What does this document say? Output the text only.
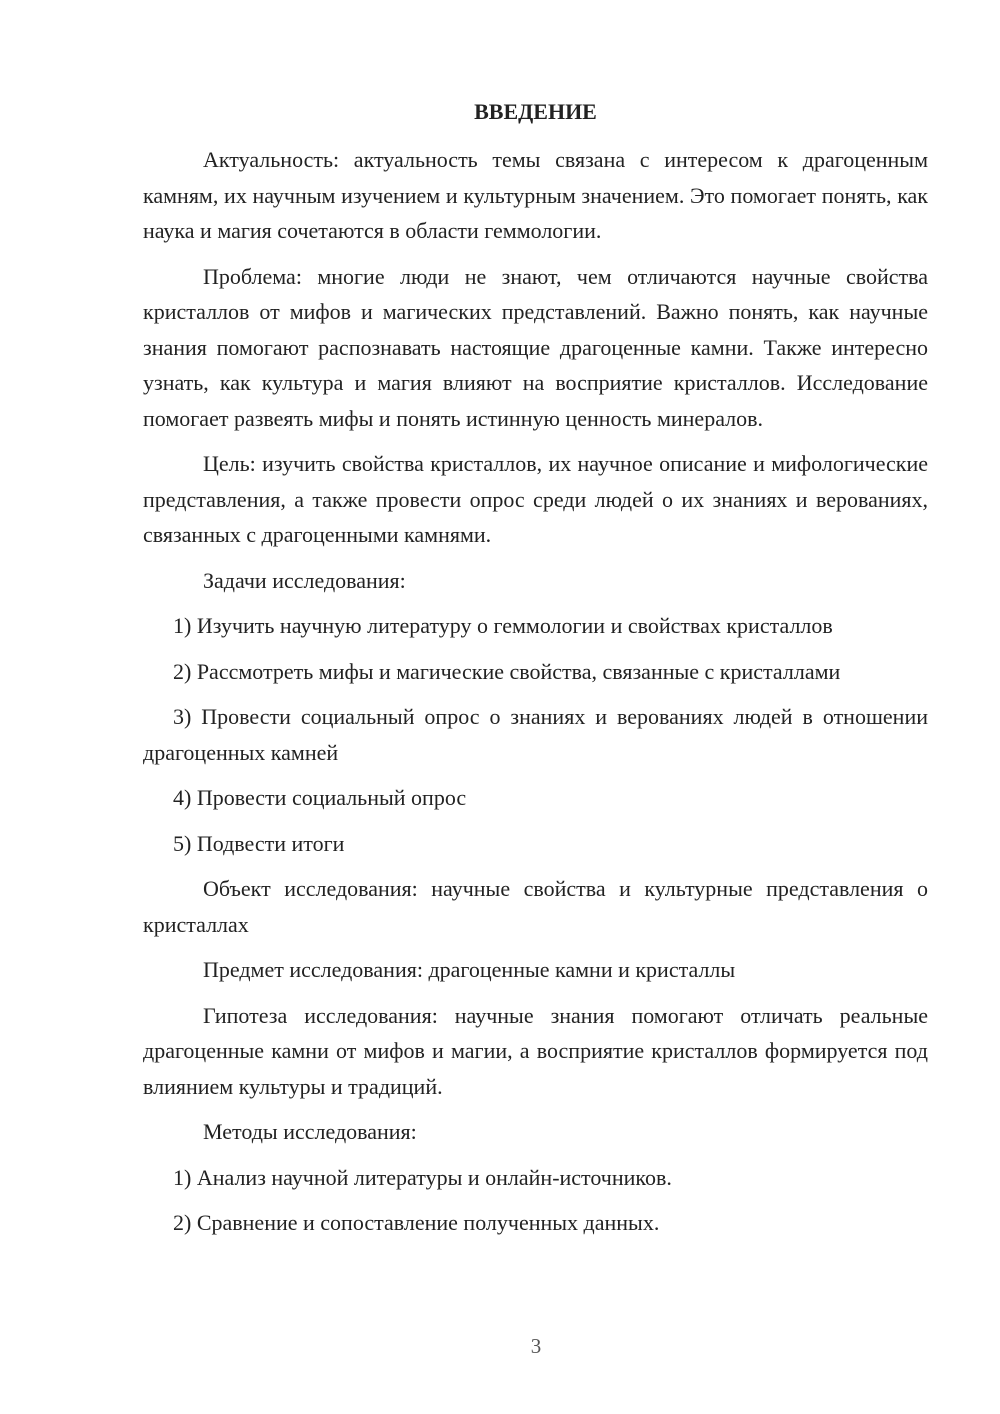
ВВЕДЕНИЕ

Актуальность: актуальность темы связана с интересом к драгоценным камням, их научным изучением и культурным значением. Это помогает понять, как наука и магия сочетаются в области геммологии.

Проблема: многие люди не знают, чем отличаются научные свойства кристаллов от мифов и магических представлений. Важно понять, как научные знания помогают распознавать настоящие драгоценные камни. Также интересно узнать, как культура и магия влияют на восприятие кристаллов. Исследование помогает развеять мифы и понять истинную ценность минералов.

Цель: изучить свойства кристаллов, их научное описание и мифологические представления, а также провести опрос среди людей о их знаниях и верованиях, связанных с драгоценными камнями.

Задачи исследования:

1) Изучить научную литературу о геммологии и свойствах кристаллов

2) Рассмотреть мифы и магические свойства, связанные с кристаллами

3) Провести социальный опрос о знаниях и верованиях людей в отношении драгоценных камней

4) Провести социальный опрос

5) Подвести итоги

Объект исследования: научные свойства и культурные представления о кристаллах

Предмет исследования: драгоценные камни и кристаллы

Гипотеза исследования: научные знания помогают отличать реальные драгоценные камни от мифов и магии, а восприятие кристаллов формируется под влиянием культуры и традиций.

Методы исследования:

1) Анализ научной литературы и онлайн-источников.

2) Сравнение и сопоставление полученных данных.

3
